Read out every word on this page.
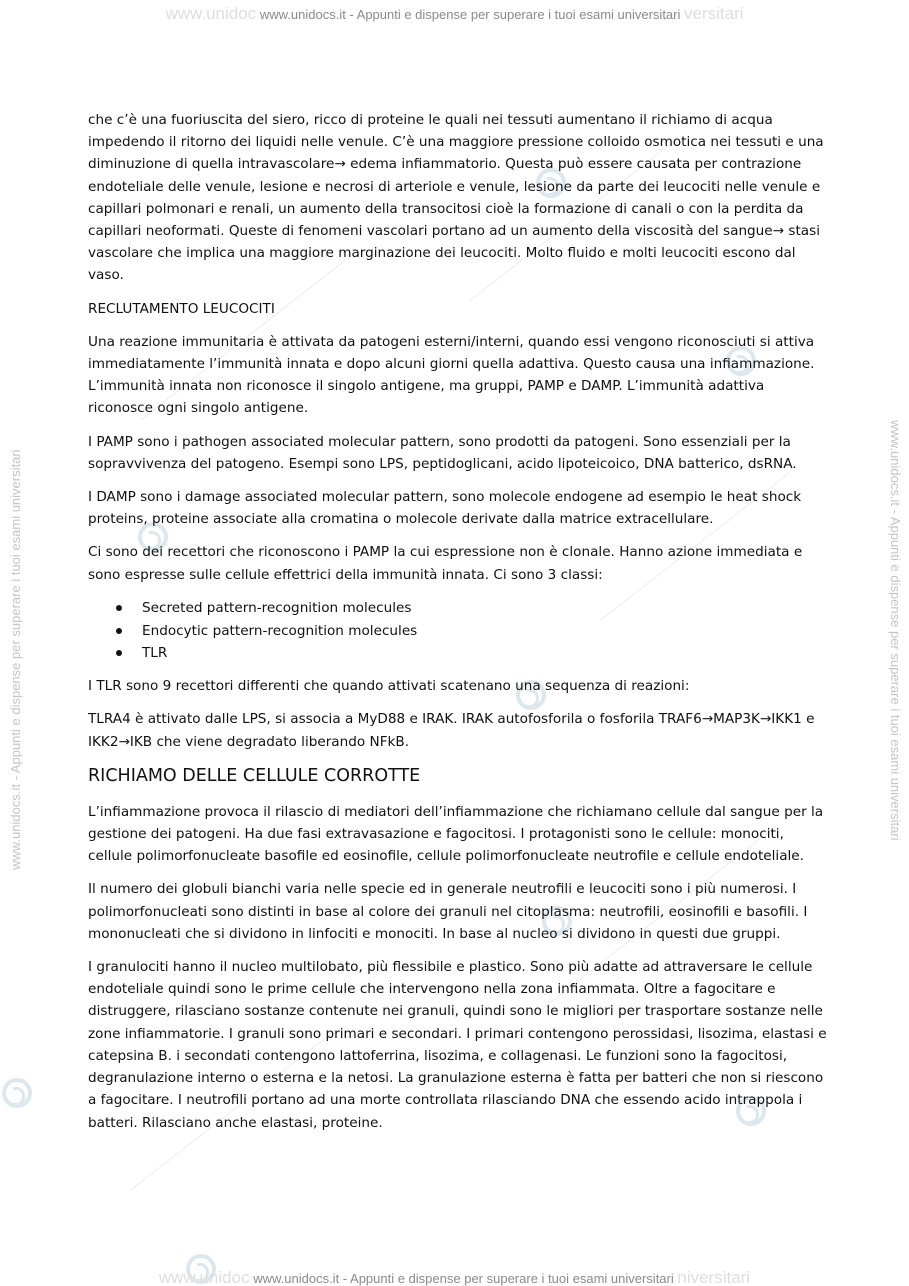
www.unidoc www.unidocs.it - Appunti e dispense per superare i tuoi esami universitari versitari
www.unidocs.it - Appunti e dispense per superare i tuoi esami universitari	www.unidocs.it - Appunti e dispense per superare i tuoi esami universitari
www.unidoc www.unidocs.it - Appunti e dispense per superare i tuoi esami universitari niversitari

che c’è una fuoriuscita del siero, ricco di proteine le quali nei tessuti aumentano il richiamo di acqua impedendo il ritorno dei liquidi nelle venule. C’è una maggiore pressione colloido osmotica nei tessuti e una diminuzione di quella intravascolare→ edema infiammatorio. Questa può essere causata per contrazione endoteliale delle venule, lesione e necrosi di arteriole e venule, lesione da parte dei leucociti nelle venule e capillari polmonari e renali, un aumento della transocitosi cioè la formazione di canali o con la perdita da capillari neoformati. Queste di fenomeni vascolari portano ad un aumento della viscosità del sangue→ stasi vascolare che implica una maggiore marginazione dei leucociti. Molto fluido e molti leucociti escono dal vaso.

RECLUTAMENTO LEUCOCITI

Una reazione immunitaria è attivata da patogeni esterni/interni, quando essi vengono riconosciuti si attiva immediatamente l’immunità innata e dopo alcuni giorni quella adattiva. Questo causa una infiammazione. L’immunità innata non riconosce il singolo antigene, ma gruppi, PAMP e DAMP. L’immunità adattiva riconosce ogni singolo antigene.

I PAMP sono i pathogen associated molecular pattern, sono prodotti da patogeni. Sono essenziali per la sopravvivenza del patogeno. Esempi sono LPS, peptidoglicani, acido lipoteicoico, DNA batterico, dsRNA.

I DAMP sono i damage associated molecular pattern, sono molecole endogene ad esempio le heat shock proteins, proteine associate alla cromatina o molecole derivate dalla matrice extracellulare.

Ci sono dei recettori che riconoscono i PAMP la cui espressione non è clonale. Hanno azione immediata e sono espresse sulle cellule effettrici della immunità innata. Ci sono 3 classi:

Secreted pattern-recognition molecules
Endocytic pattern-recognition molecules
TLR

I TLR sono 9 recettori differenti che quando attivati scatenano una sequenza di reazioni:

TLRA4 è attivato dalle LPS, si associa a MyD88 e IRAK. IRAK autofosforila o fosforila TRAF6→MAP3K→IKK1 e IKK2→IKB che viene degradato liberando NFkB.

RICHIAMO DELLE CELLULE CORROTTE

L’infiammazione provoca il rilascio di mediatori dell’infiammazione che richiamano cellule dal sangue per la gestione dei patogeni. Ha due fasi extravasazione e fagocitosi. I protagonisti sono le cellule: monociti, cellule polimorfonucleate basofile ed eosinofile, cellule polimorfonucleate neutrofile e cellule endoteliale.

Il numero dei globuli bianchi varia nelle specie ed in generale neutrofili e leucociti sono i più numerosi. I polimorfonucleati sono distinti in base al colore dei granuli nel citoplasma: neutrofili, eosinofili e basofili. I mononucleati che si dividono in linfociti e monociti. In base al nucleo si dividono in questi due gruppi.

I granulociti hanno il nucleo multilobato, più flessibile e plastico. Sono più adatte ad attraversare le cellule endoteliale quindi sono le prime cellule che intervengono nella zona infiammata. Oltre a fagocitare e distruggere, rilasciano sostanze contenute nei granuli, quindi sono le migliori per trasportare sostanze nelle zone infiammatorie. I granuli sono primari e secondari. I primari contengono perossidasi, lisozima, elastasi e catepsina B. i secondati contengono lattoferrina, lisozima, e collagenasi. Le funzioni sono la fagocitosi, degranulazione interno o esterna e la netosi. La granulazione esterna è fatta per batteri che non si riescono a fagocitare. I neutrofili portano ad una morte controllata rilasciando DNA che essendo acido intrappola i batteri. Rilasciano anche elastasi, proteine.
